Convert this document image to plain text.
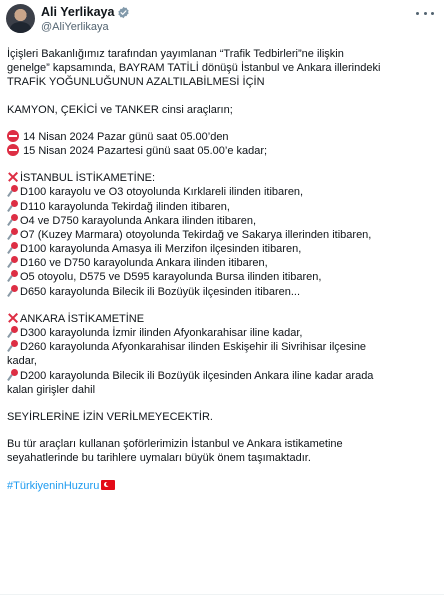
Ali Yerlikaya
@AliYerlikaya
İçişleri Bakanlığımız tarafından yayımlanan “Trafik Tedbirleri”ne ilişkin
genelge” kapsamında, BAYRAM TATİLİ dönüşü İstanbul ve Ankara illerindeki
TRAFİK YOĞUNLUĞUNUN AZALTILABİLMESİ İÇİN
KAMYON, ÇEKİCİ ve TANKER cinsi araçların;
14 Nisan 2024 Pazar günü saat 05.00’den
15 Nisan 2024 Pazartesi günü saat 05.00’e kadar;
İSTANBUL İSTİKAMETİNE:
D100 karayolu ve O3 otoyolunda Kırklareli ilinden itibaren,
D110 karayolunda Tekirdağ ilinden itibaren,
O4 ve D750 karayolunda Ankara ilinden itibaren,
O7 (Kuzey Marmara) otoyolunda Tekirdağ ve Sakarya illerinden itibaren,
D100 karayolunda Amasya ili Merzifon ilçesinden itibaren,
D160 ve D750 karayolunda Ankara ilinden itibaren,
O5 otoyolu, D575 ve D595 karayolunda Bursa ilinden itibaren,
D650 karayolunda Bilecik ili Bozüyük ilçesinden itibaren...
ANKARA İSTİKAMETİNE
D300 karayolunda İzmir ilinden Afyonkarahisar iline kadar,
D260 karayolunda Afyonkarahisar ilinden Eskişehir ili Sivrihisar ilçesine
kadar,
D200 karayolunda Bilecik ili Bozüyük ilçesinden Ankara iline kadar arada
kalan girişler dahil
SEYİRLERİNE İZİN VERİLMEYECEKTİR.
Bu tür araçları kullanan şoförlerimizin İstanbul ve Ankara istikametine
seyahatlerinde bu tarihlere uymaları büyük önem taşımaktadır.
#TürkiyeninHuzuru
